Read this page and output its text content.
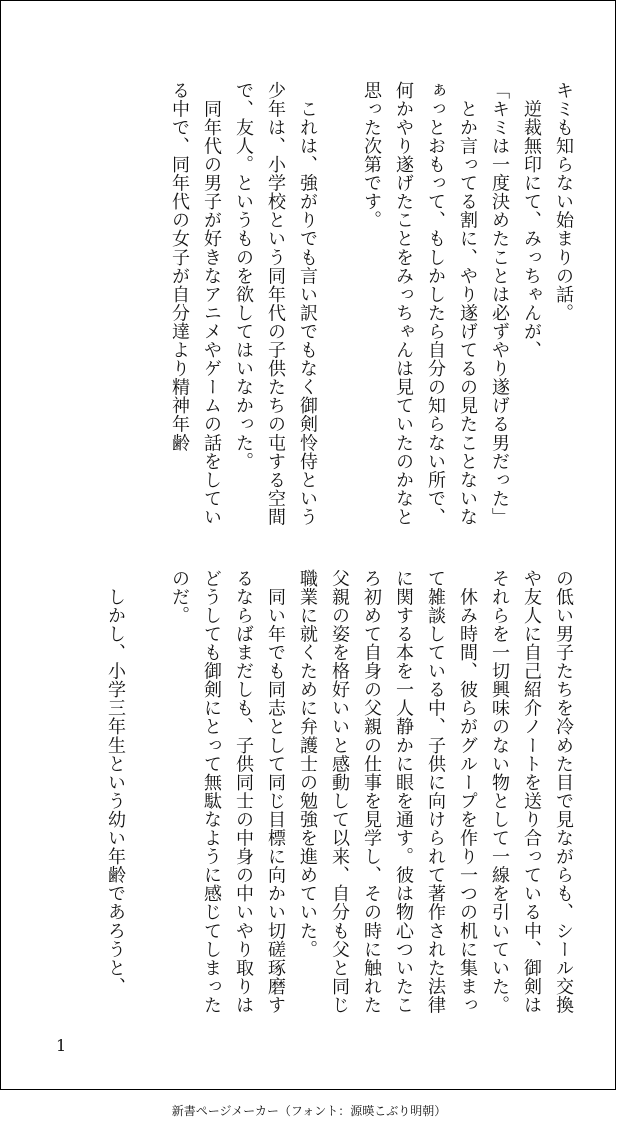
キミも知らない始まりの話。

　逆裁無印にて、みっちゃんが、

「キミは一度決めたことは必ずやり遂げる男だった」

　とか言ってる割に、やり遂げてるの見たことないなぁっとおもって、もしかしたら自分の知らない所で、何かやり遂げたことをみっちゃんは見ていたのかなと思った次第です。

　これは、強がりでも言い訳でもなく御剣怜侍という少年は、小学校という同年代の子供たちの屯する空間で、友人。というものを欲してはいなかった。

　同年代の男子が好きなアニメやゲームの話をしている中で、同年代の女子が自分達より精神年齢

の低い男子たちを冷めた目で見ながらも、シール交換や友人に自己紹介ノートを送り合っている中、御剣はそれらを一切興味のない物として一線を引いていた。

　休み時間、彼らがグループを作り一つの机に集まって雑談している中、子供に向けられて著作された法律に関する本を一人静かに眼を通す。彼は物心ついたころ初めて自身の父親の仕事を見学し、その時に触れた父親の姿を格好いいと感動して以来、自分も父と同じ職業に就くために弁護士の勉強を進めていた。

　同い年でも同志として同じ目標に向かい切磋琢磨するならばまだしも、子供同士の中身の中いやり取りはどうしても御剣にとって無駄なように感じてしまったのだ。

　しかし、小学三年生という幼い年齢であろうと、

1
新書ページメーカー（フォント：源暎こぶり明朝）
